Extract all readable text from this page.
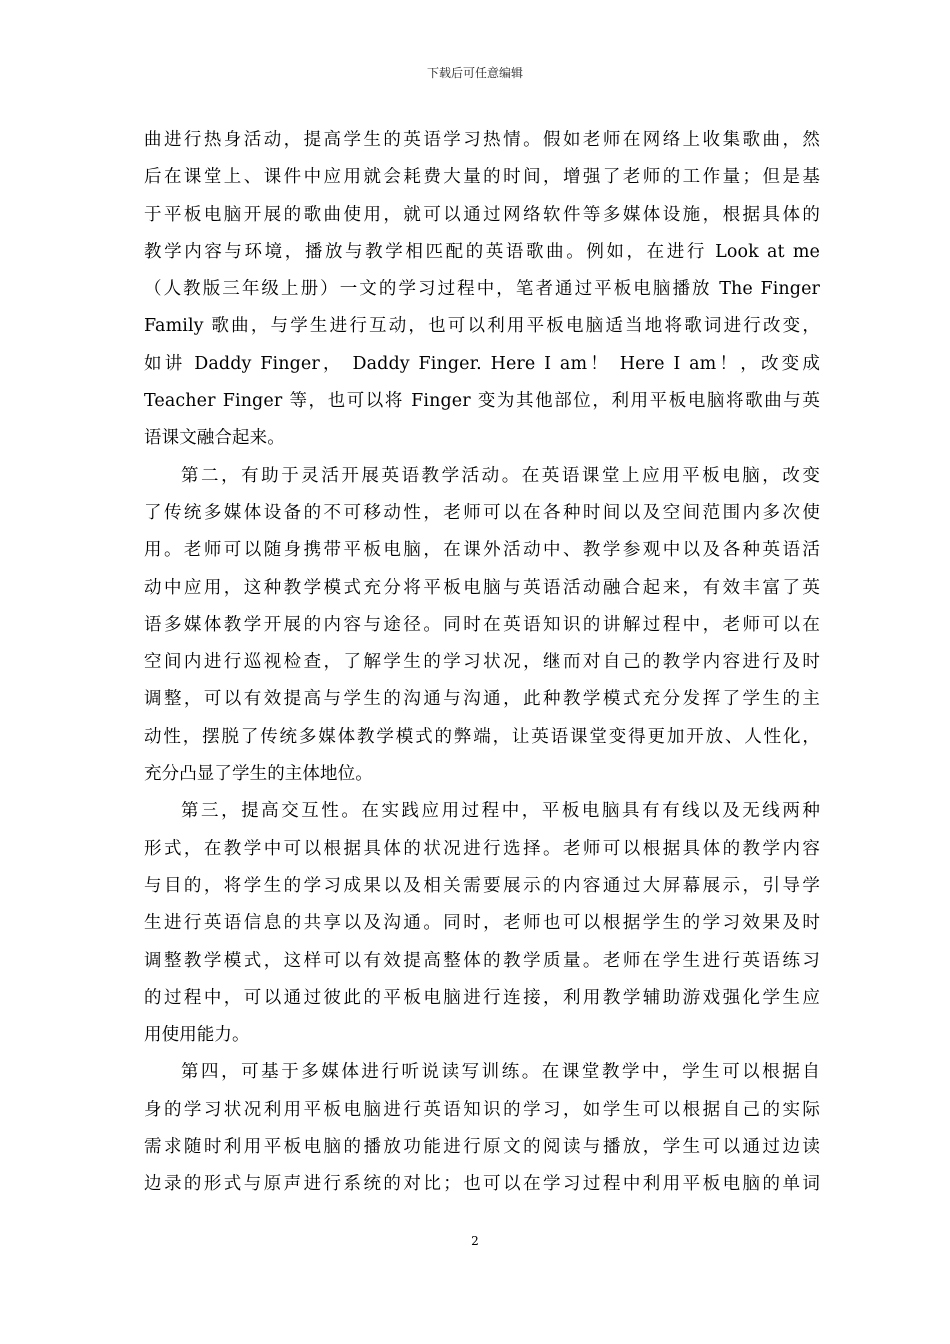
下载后可任意编辑
曲进行热身活动，提高学生的英语学习热情。假如老师在网络上收集歌曲，然
后在课堂上、课件中应用就会耗费大量的时间，增强了老师的工作量；但是基
于平板电脑开展的歌曲使用，就可以通过网络软件等多媒体设施，根据具体的
教学内容与环境，播放与教学相匹配的英语歌曲。例如，在进行 Look at me
（人教版三年级上册）一文的学习过程中，笔者通过平板电脑播放 The Finger
Family 歌曲，与学生进行互动，也可以利用平板电脑适当地将歌词进行改变，
如讲 Daddy Finger， Daddy Finger. Here I am！ Here I am！，改变成
Teacher Finger 等，也可以将 Finger 变为其他部位，利用平板电脑将歌曲与英
语课文融合起来。
第二，有助于灵活开展英语教学活动。在英语课堂上应用平板电脑，改变
了传统多媒体设备的不可移动性，老师可以在各种时间以及空间范围内多次使
用。老师可以随身携带平板电脑，在课外活动中、教学参观中以及各种英语活
动中应用，这种教学模式充分将平板电脑与英语活动融合起来，有效丰富了英
语多媒体教学开展的内容与途径。同时在英语知识的讲解过程中，老师可以在
空间内进行巡视检查，了解学生的学习状况，继而对自己的教学内容进行及时
调整，可以有效提高与学生的沟通与沟通，此种教学模式充分发挥了学生的主
动性，摆脱了传统多媒体教学模式的弊端，让英语课堂变得更加开放、人性化，
充分凸显了学生的主体地位。
第三，提高交互性。在实践应用过程中，平板电脑具有有线以及无线两种
形式，在教学中可以根据具体的状况进行选择。老师可以根据具体的教学内容
与目的，将学生的学习成果以及相关需要展示的内容通过大屏幕展示，引导学
生进行英语信息的共享以及沟通。同时，老师也可以根据学生的学习效果及时
调整教学模式，这样可以有效提高整体的教学质量。老师在学生进行英语练习
的过程中，可以通过彼此的平板电脑进行连接，利用教学辅助游戏强化学生应
用使用能力。
第四，可基于多媒体进行听说读写训练。在课堂教学中，学生可以根据自
身的学习状况利用平板电脑进行英语知识的学习，如学生可以根据自己的实际
需求随时利用平板电脑的播放功能进行原文的阅读与播放，学生可以通过边读
边录的形式与原声进行系统的对比；也可以在学习过程中利用平板电脑的单词
2
